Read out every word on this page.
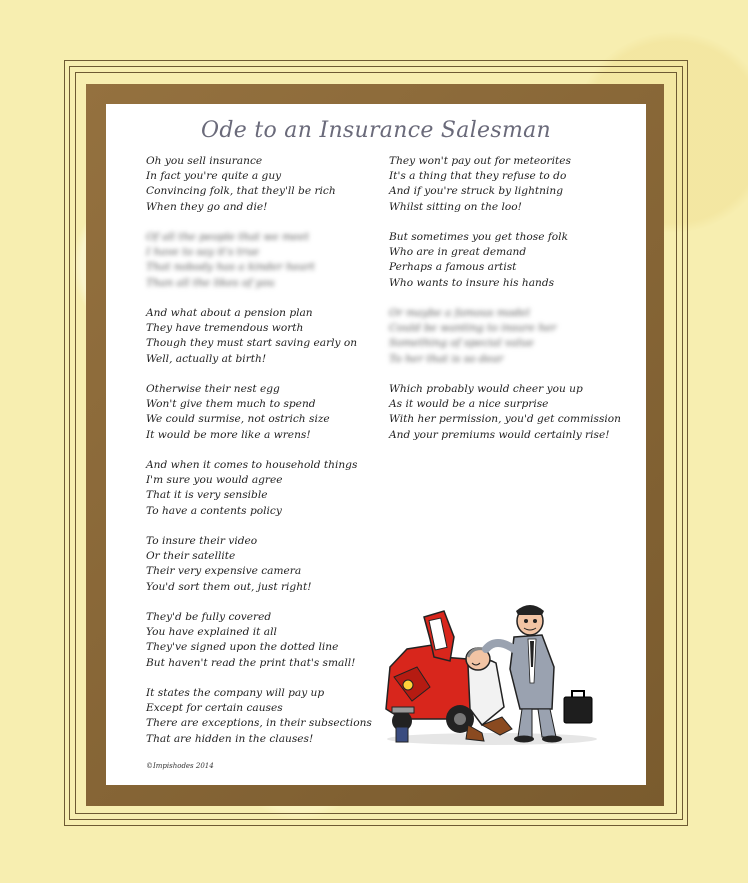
Ode to an Insurance Salesman
Oh you sell insurance
In fact you're quite a guy
Convincing folk, that they'll be rich
When they go and die!
Of all the people that we meet
I have to say it's true
That nobody has a kinder heart
Than all the likes of you
And what about a pension plan
They have tremendous worth
Though they must start saving early on
Well, actually at birth!
Otherwise their nest egg
Won't give them much to spend
We could surmise, not ostrich size
It would be more like a wrens!
And when it comes to household things
I'm sure you would agree
That it is very sensible
To have a contents policy
To insure their video
Or their satellite
Their very expensive camera
You'd sort them out, just right!
They'd be fully covered
You have explained it all
They've signed upon the dotted line
But haven't read the print that's small!
It states the company will pay up
Except for certain causes
There are exceptions, in their subsections
That are hidden in the clauses!
They won't pay out for meteorites
It's a thing that they refuse to do
And if you're struck by lightning
Whilst sitting on the loo!
But sometimes you get those folk
Who are in great demand
Perhaps a famous artist
Who wants to insure his hands
Or maybe a famous model
Could be wanting to insure her
Something of special value
To her that is so dear
Which probably would cheer you up
As it would be a nice surprise
With her permission, you'd get commission
And your premiums would certainly rise!
©Impishodes 2014
